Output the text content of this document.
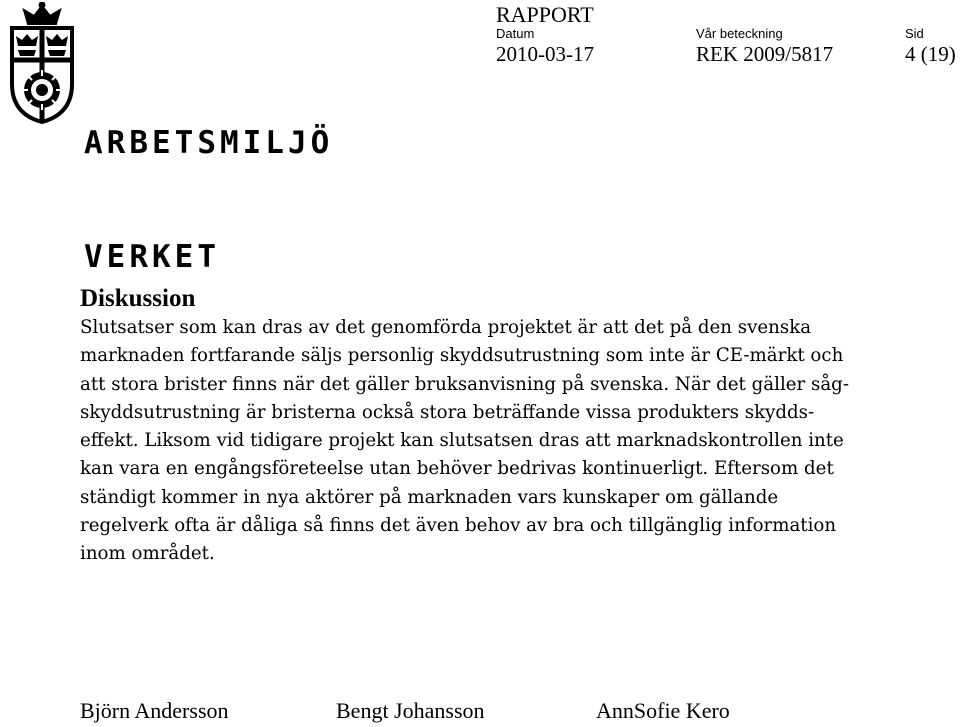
ARBETSMILJÖ

VERKET

RAPPORT
Datum	Vår beteckning	Sid
2010-03-17	REK 2009/5817	4 (19)
Diskussion

Slutsatser som kan dras av det genomförda projektet är att det på den svenska
marknaden fortfarande säljs personlig skyddsutrustning som inte är CE-märkt och
att stora brister finns när det gäller bruksanvisning på svenska. När det gäller såg-
skyddsutrustning är bristerna också stora beträffande vissa produkters skydds-
effekt. Liksom vid tidigare projekt kan slutsatsen dras att marknadskontrollen inte
kan vara en engångsföreteelse utan behöver bedrivas kontinuerligt. Eftersom det
ständigt kommer in nya aktörer på marknaden vars kunskaper om gällande
regelverk ofta är dåliga så finns det även behov av bra och tillgänglig information
inom området.

Björn Andersson	Bengt Johansson	AnnSofie Kero
